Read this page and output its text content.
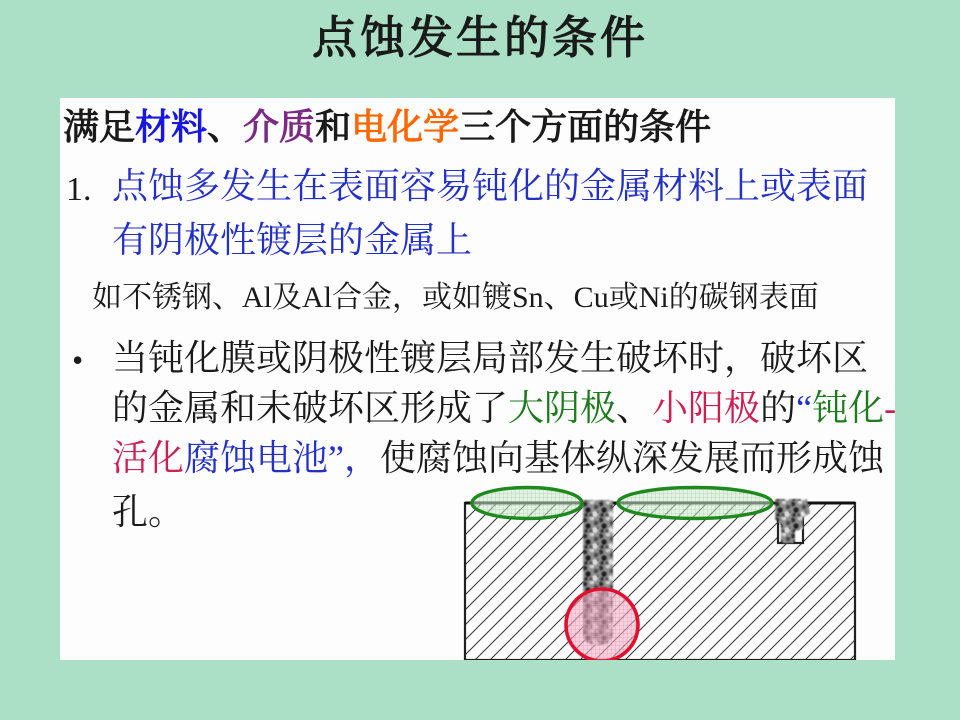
点蚀发生的条件
满足材料、介质和电化学三个方面的条件
1. 点蚀多发生在表面容易钝化的金属材料上或表面
有阴极性镀层的金属上
如不锈钢、Al及Al合金，或如镀Sn、Cu或Ni的碳钢表面
• 当钝化膜或阴极性镀层局部发生破坏时，破坏区
的金属和未破坏区形成了大阴极、小阳极的“钝化-
活化腐蚀电池”，使腐蚀向基体纵深发展而形成蚀
孔。
